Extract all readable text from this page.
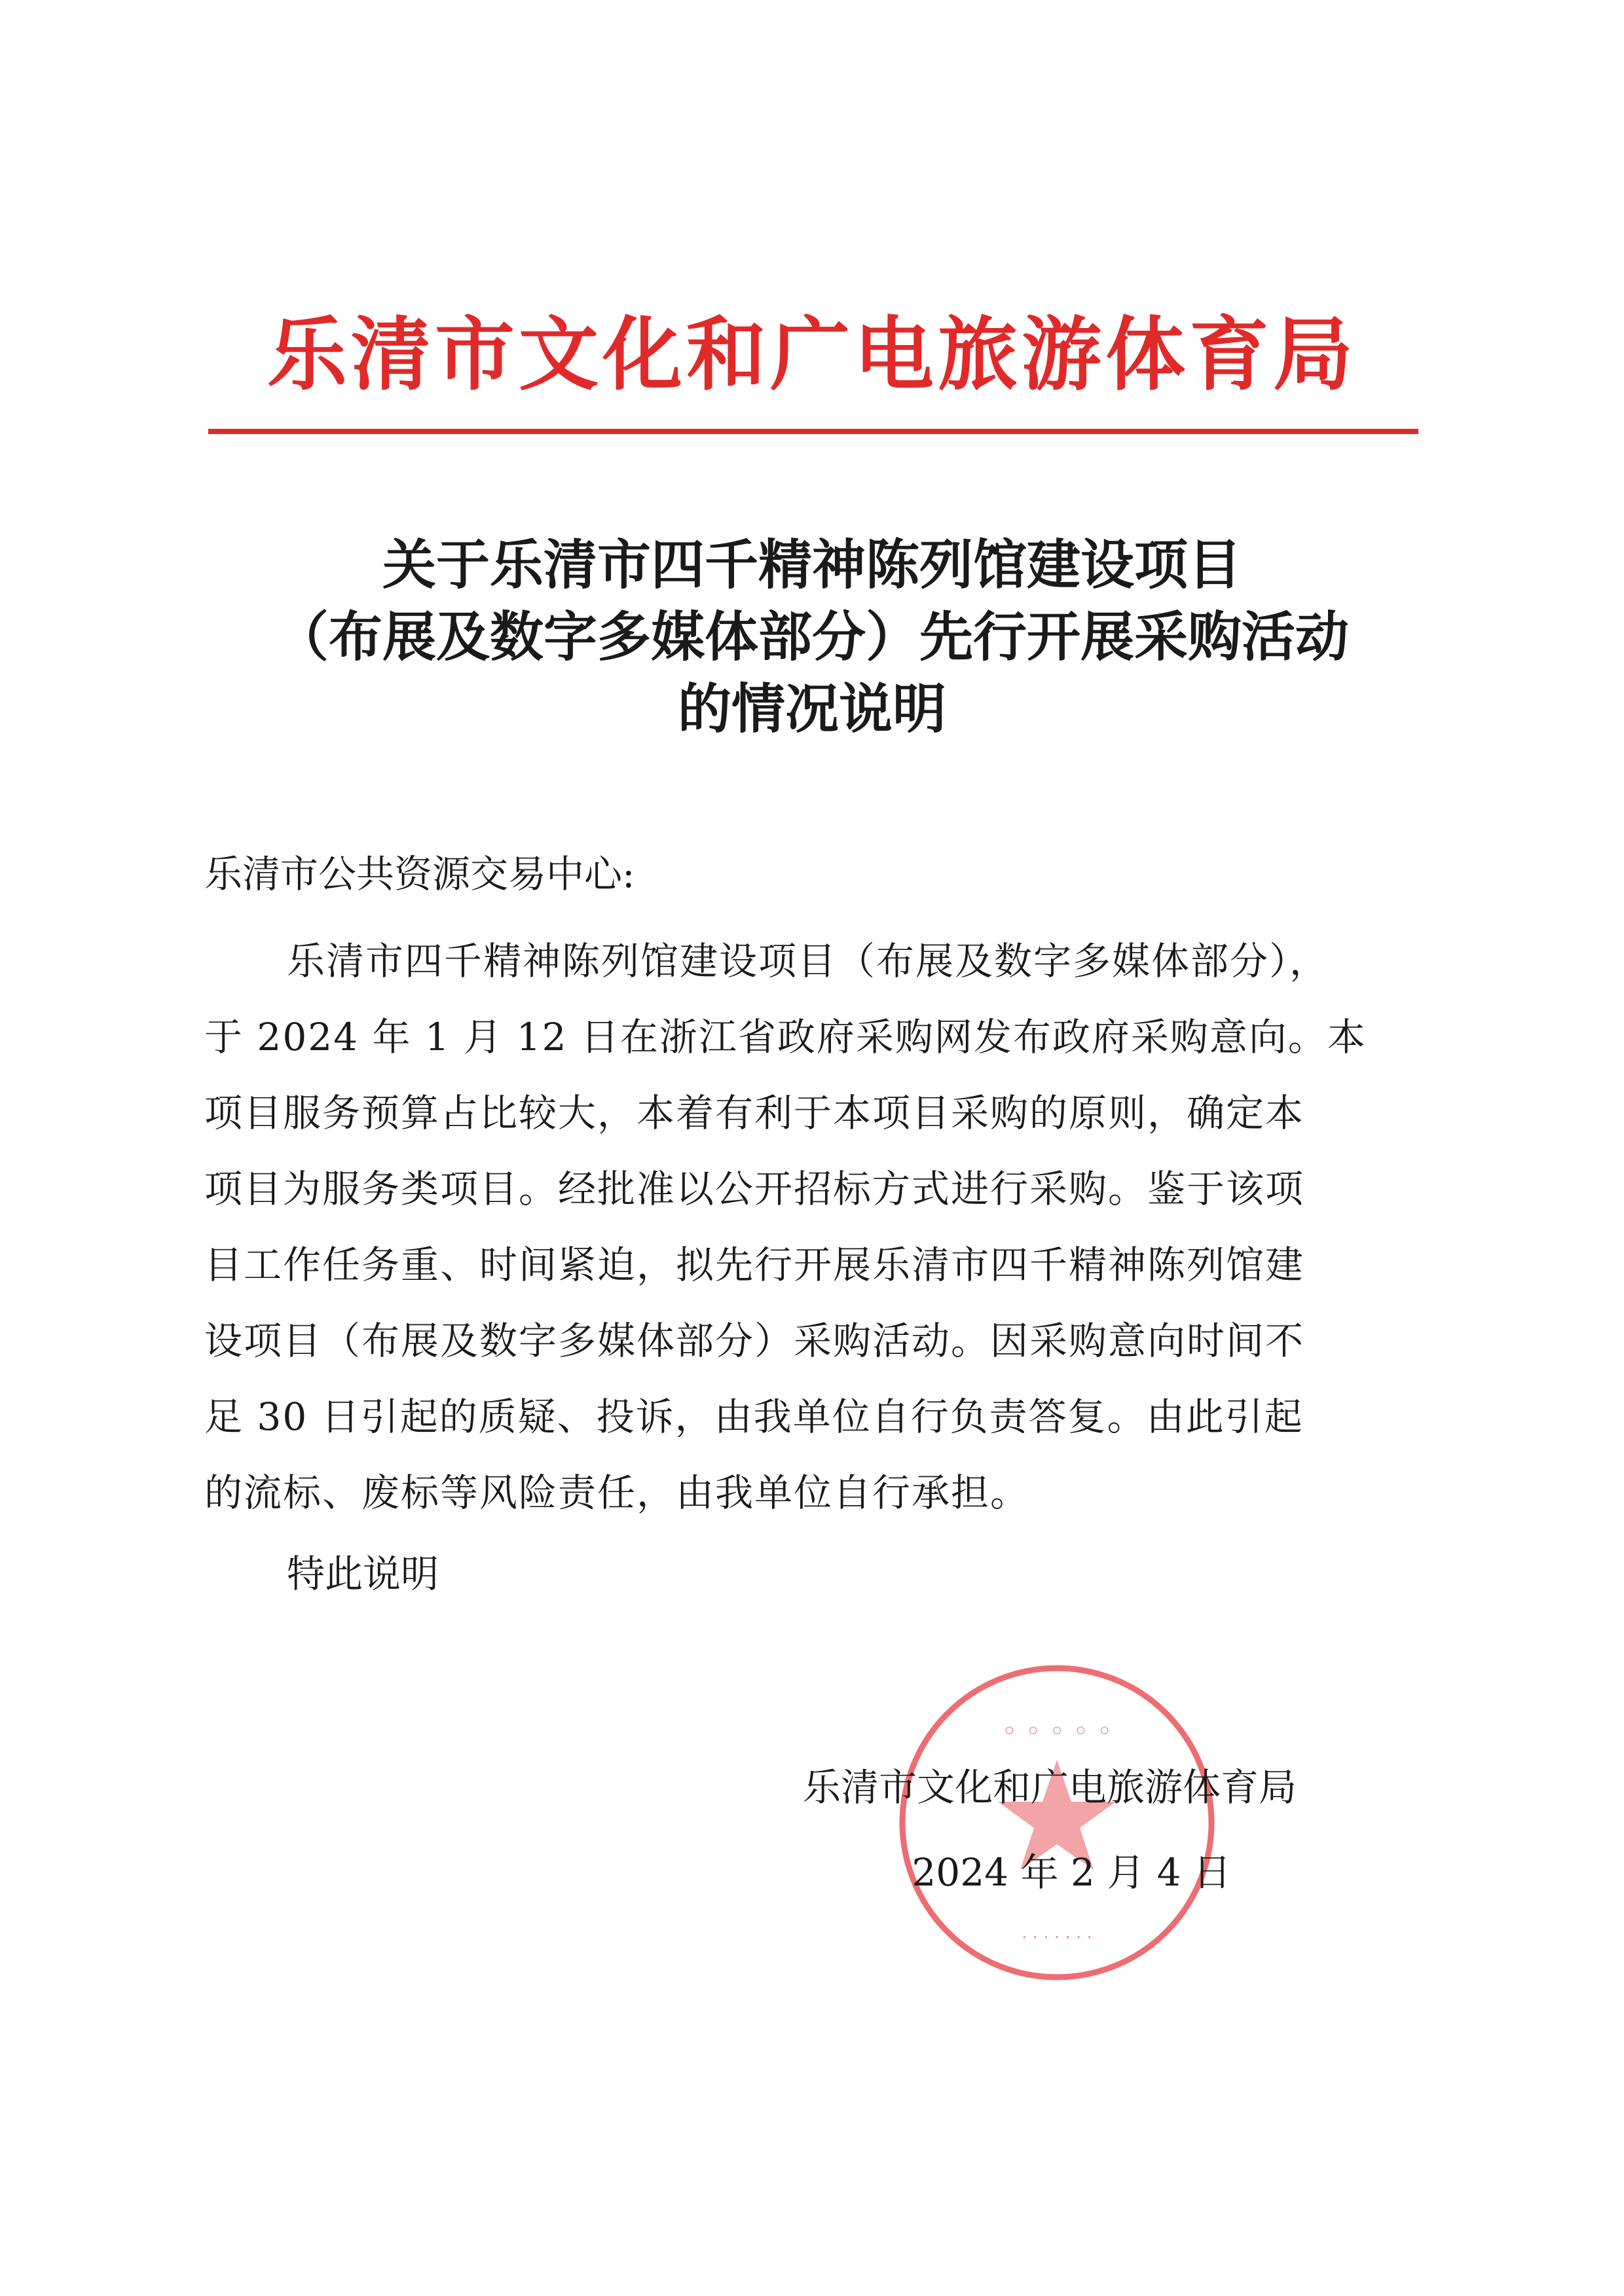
乐清市文化和广电旅游体育局
关于乐清市四千精神陈列馆建设项目
（布展及数字多媒体部分）先行开展采购活动
的情况说明
乐清市公共资源交易中心:
乐清市四千精神陈列馆建设项目（布展及数字多媒体部分），
于 2024 年 1 月 12 日在浙江省政府采购网发布政府采购意向。本
项目服务预算占比较大，本着有利于本项目采购的原则，确定本
项目为服务类项目。经批准以公开招标方式进行采购。鉴于该项
目工作任务重、时间紧迫，拟先行开展乐清市四千精神陈列馆建
设项目（布展及数字多媒体部分）采购活动。因采购意向时间不
足 30 日引起的质疑、投诉，由我单位自行负责答复。由此引起
的流标、废标等风险责任，由我单位自行承担。
特此说明
◦ ◦ ◦ ◦ ◦
· · · · · · ·
乐清市文化和广电旅游体育局
2024 年 2 月 4 日
